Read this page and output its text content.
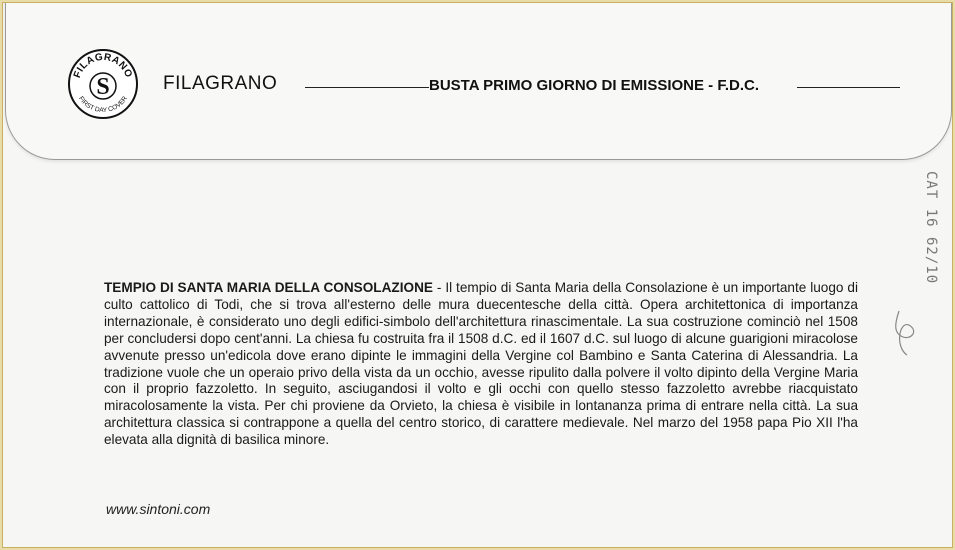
FILAGRANO
S
FIRST DAY COVER
FILAGRANO	BUSTA PRIMO GIORNO DI EMISSIONE - F.D.C.

TEMPIO DI SANTA MARIA DELLA CONSOLAZIONE - Il tempio di Santa Maria della Consolazione è un importante luogo di culto cattolico di Todi, che si trova all'esterno delle mura duecentesche della città. Opera architettonica di importanza internazionale, è considerato uno degli edifici-simbolo dell'architettura rinascimentale. La sua costruzione cominciò nel 1508 per concludersi dopo cent'anni. La chiesa fu costruita fra il 1508 d.C. ed il 1607 d.C. sul luogo di alcune guarigioni miracolose avvenute presso un'edicola dove erano dipinte le immagini della Vergine col Bambino e Santa Caterina di Alessandria. La tradizione vuole che un operaio privo della vista da un occhio, avesse ripulito dalla polvere il volto dipinto della Vergine Maria con il proprio fazzoletto. In seguito, asciugandosi il volto e gli occhi con quello stesso fazzoletto avrebbe riacquistato miracolosamente la vista. Per chi proviene da Orvieto, la chiesa è visibile in lontananza prima di entrare nella città. La sua architettura classica si contrappone a quella del centro storico, di carattere medievale. Nel marzo del 1958 papa Pio XII l'ha elevata alla dignità di basilica minore.

www.sintoni.com
CAT 16 62/10
